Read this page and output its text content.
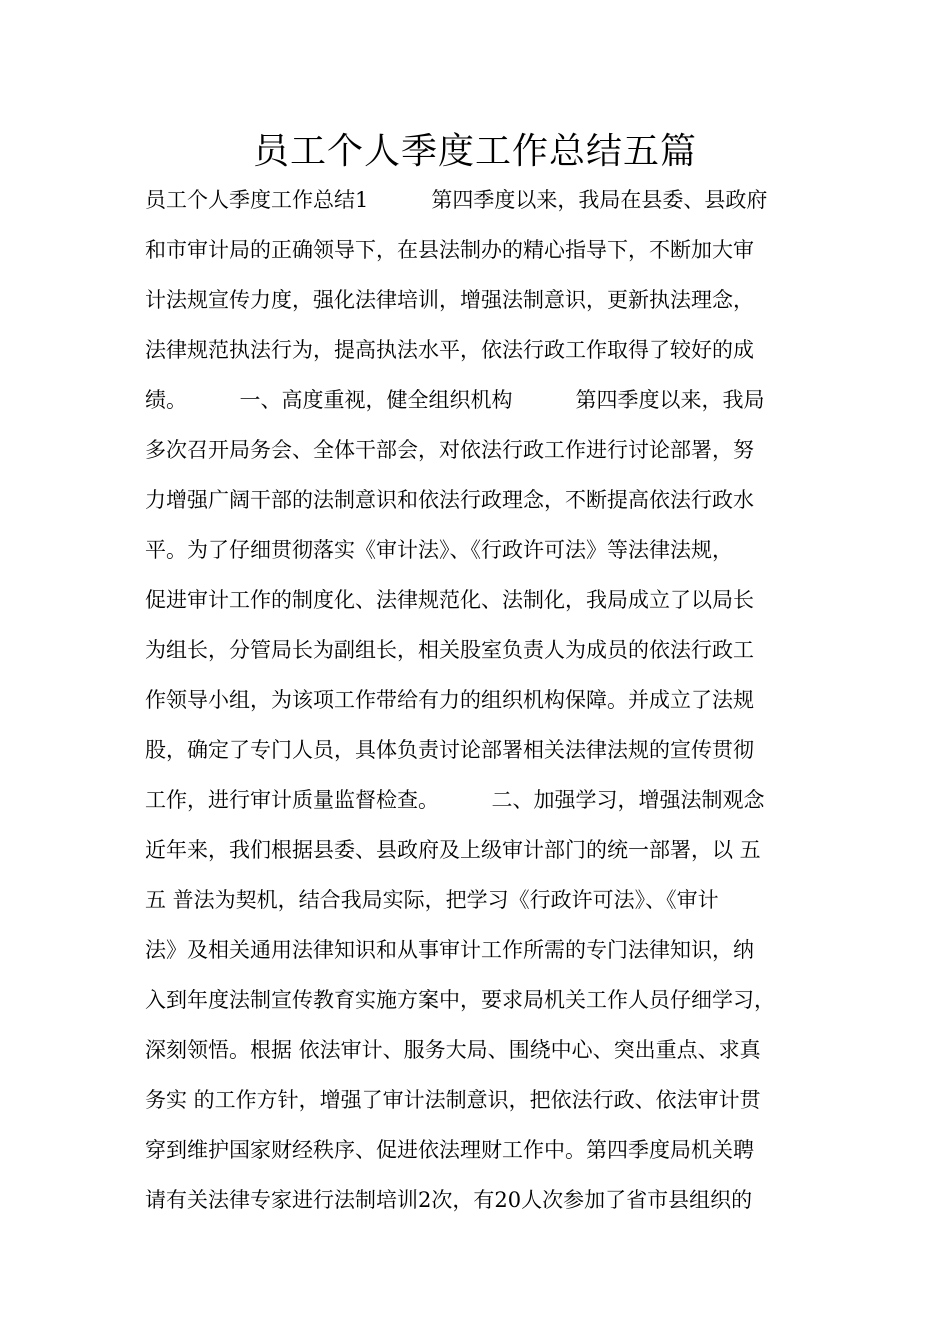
员工个人季度工作总结五篇
员工个人季度工作总结1　　　第四季度以来，我局在县委、县政府
和市审计局的正确领导下，在县法制办的精心指导下，不断加大审
计法规宣传力度，强化法律培训，增强法制意识，更新执法理念，
法律规范执法行为，提高执法水平，依法行政工作取得了较好的成
绩。　　　一、高度重视，健全组织机构　　　第四季度以来，我局
多次召开局务会、全体干部会，对依法行政工作进行讨论部署，努
力增强广阔干部的法制意识和依法行政理念，不断提高依法行政水
平。为了仔细贯彻落实《审计法》、《行政许可法》等法律法规，
促进审计工作的制度化、法律规范化、法制化，我局成立了以局长
为组长，分管局长为副组长，相关股室负责人为成员的依法行政工
作领导小组，为该项工作带给有力的组织机构保障。并成立了法规
股，确定了专门人员，具体负责讨论部署相关法律法规的宣传贯彻
工作，进行审计质量监督检查。　　　二、加强学习，增强法制观念
近年来，我们根据县委、县政府及上级审计部门的统一部署，以 五
五 普法为契机，结合我局实际，把学习《行政许可法》、《审计
法》及相关通用法律知识和从事审计工作所需的专门法律知识，纳
入到年度法制宣传教育实施方案中，要求局机关工作人员仔细学习，
深刻领悟。根据 依法审计、服务大局、围绕中心、突出重点、求真
务实 的工作方针，增强了审计法制意识，把依法行政、依法审计贯
穿到维护国家财经秩序、促进依法理财工作中。第四季度局机关聘
请有关法律专家进行法制培训2次，有20人次参加了省市县组织的
